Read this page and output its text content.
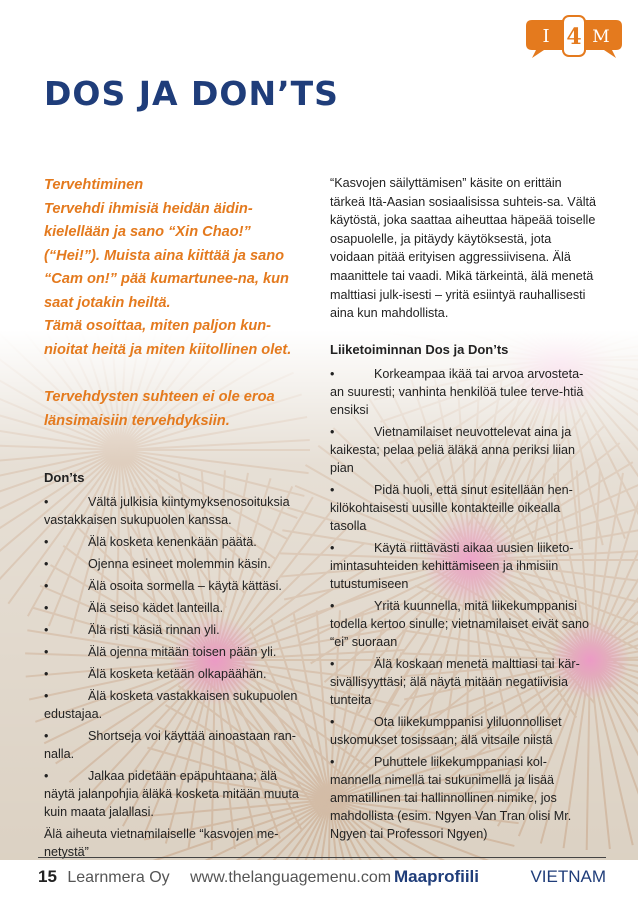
I 4 M
DOS JA DON’TS

Tervehtiminen

Tervehdi ihmisiä heidän äidin-kielellään ja sano “Xin Chao!” (“Hei!”). Muista aina kiittää ja sano “Cam on!” pää kumartunee-na, kun saat jotakin heiltä.

Tämä osoittaa, miten paljon kun-nioitat heitä ja miten kiitollinen olet.

Tervehdysten suhteen ei ole eroa länsimaisiin tervehdyksiin.

Don’ts

•	Vältä julkisia kiintymyksenosoituksia vastakkaisen sukupuolen kanssa.
•	Älä kosketa kenenkään päätä.
•	Ojenna esineet molemmin käsin.
•	Älä osoita sormella – käytä kättäsi.
•	Älä seiso kädet lanteilla.
•	Älä risti käsiä rinnan yli.
•	Älä ojenna mitään toisen pään yli.
•	Älä kosketa ketään olkapäähän.
•	Älä kosketa vastakkaisen sukupuolen edustajaa.
•	Shortseja voi käyttää ainoastaan ran-nalla.
•	Jalkaa pidetään epäpuhtaana; älä näytä jalanpohjia äläkä kosketa mitään muuta kuin maata jalallasi.

Älä aiheuta vietnamilaiselle “kasvojen me-netystä”

“Kasvojen säilyttämisen” käsite on erittäin tärkeä Itä-Aasian sosiaalisissa suhteis-sa. Vältä käytöstä, joka saattaa aiheuttaa häpeää toiselle osapuolelle, ja pitäydy käytöksestä, jota voidaan pitää erityisen aggressiivisena. Älä maanittele tai vaadi. Mikä tärkeintä, älä menetä malttiasi julk-isesti – yritä esiintyä rauhallisesti aina kun mahdollista.

Liiketoiminnan Dos ja Don’ts

•	Korkeampaa ikää tai arvoa arvosteta-an suuresti; vanhinta henkilöä tulee terve-htiä ensiksi
•	Vietnamilaiset neuvottelevat aina ja kaikesta; pelaa peliä äläkä anna periksi liian pian
•	Pidä huoli, että sinut esitellään hen-kilökohtaisesti uusille kontakteille oikealla tasolla
•	Käytä riittävästi aikaa uusien liiketo-imintasuhteiden kehittämiseen ja ihmisiin tutustumiseen
•	Yritä kuunnella, mitä liikekumppanisi todella kertoo sinulle; vietnamilaiset eivät sano “ei” suoraan
•	Älä koskaan menetä malttiasi tai kär-sivällisyyttäsi; älä näytä mitään negatiivisia tunteita
•	Ota liikekumppanisi yliluonnolliset uskomukset tosissaan; älä vitsaile niistä
•	Puhuttele liikekumppaniasi kol-mannella nimellä tai sukunimellä ja lisää ammatillinen tai hallinnollinen nimike, jos mahdollista (esim. Ngyen Van Tran olisi Mr. Ngyen tai Professori Ngyen)
15 Learnmera Oy www.thelanguagemenu.com Maaprofiili	VIETNAM
